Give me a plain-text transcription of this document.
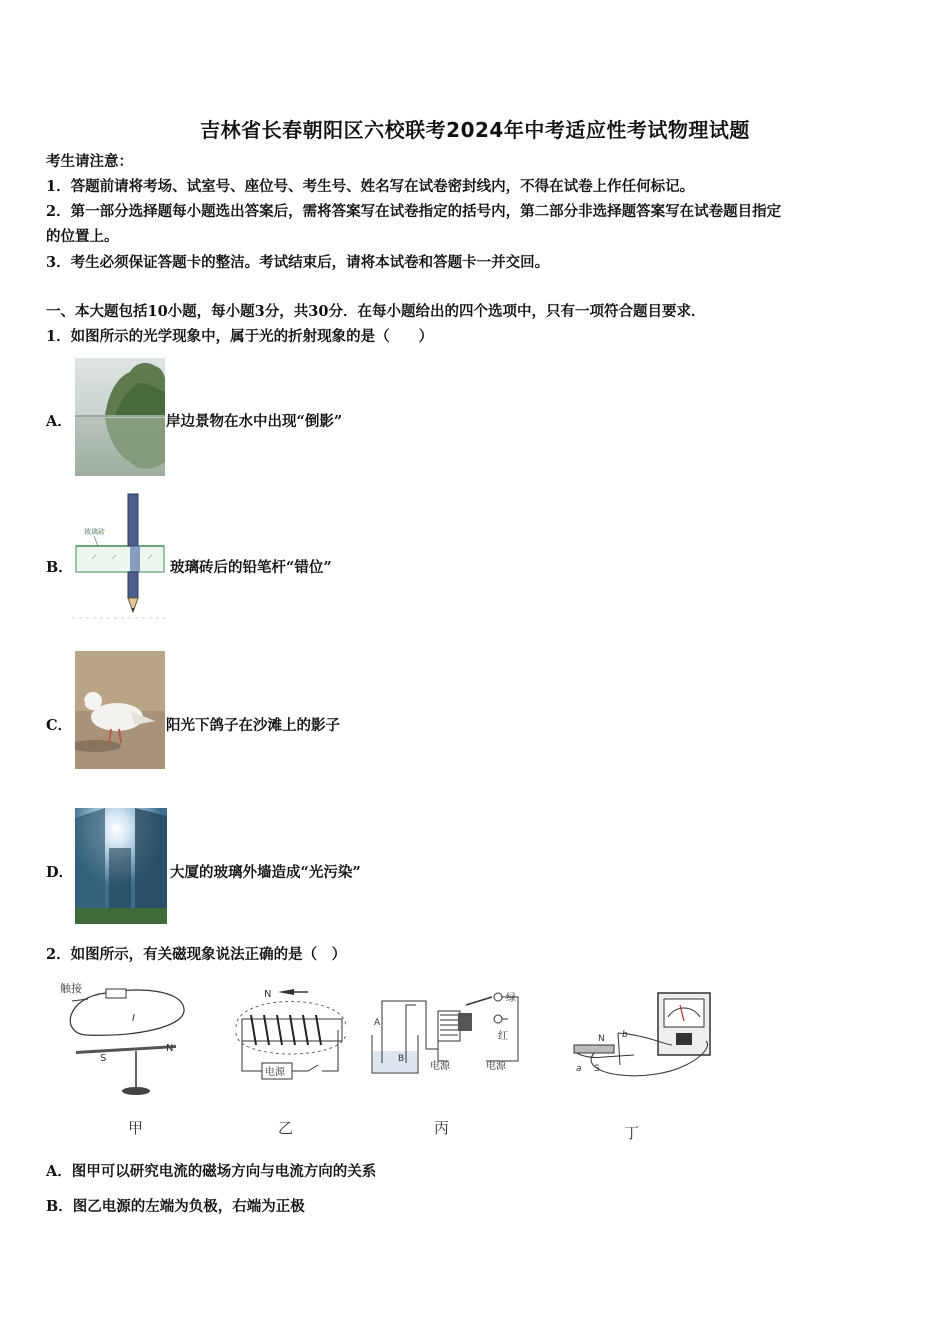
吉林省长春朝阳区六校联考2024年中考适应性考试物理试题
考生请注意：
1．答题前请将考场、试室号、座位号、考生号、姓名写在试卷密封线内，不得在试卷上作任何标记。
2．第一部分选择题每小题选出答案后，需将答案写在试卷指定的括号内，第二部分非选择题答案写在试卷题目指定
的位置上。
3．考生必须保证答题卡的整洁。考试结束后，请将本试卷和答题卡一并交回。
一、本大题包括10小题，每小题3分，共30分．在每小题给出的四个选项中，只有一项符合题目要求．
1．如图所示的光学现象中，属于光的折射现象的是（　　）
A．	岸边景物在水中出现“倒影”
B．
玻璃砖
玻璃砖后的铅笔杆“错位”
C．	阳光下鸽子在沙滩上的影子
D．	大厦的玻璃外墙造成“光污染”
2．如图所示，有关磁现象说法正确的是（　）
触接
I
S
N
甲
N
电源
乙
A
B
绿
红
电源	电源
丙
N b
a S
丁
A．图甲可以研究电流的磁场方向与电流方向的关系
B．图乙电源的左端为负极，右端为正极
